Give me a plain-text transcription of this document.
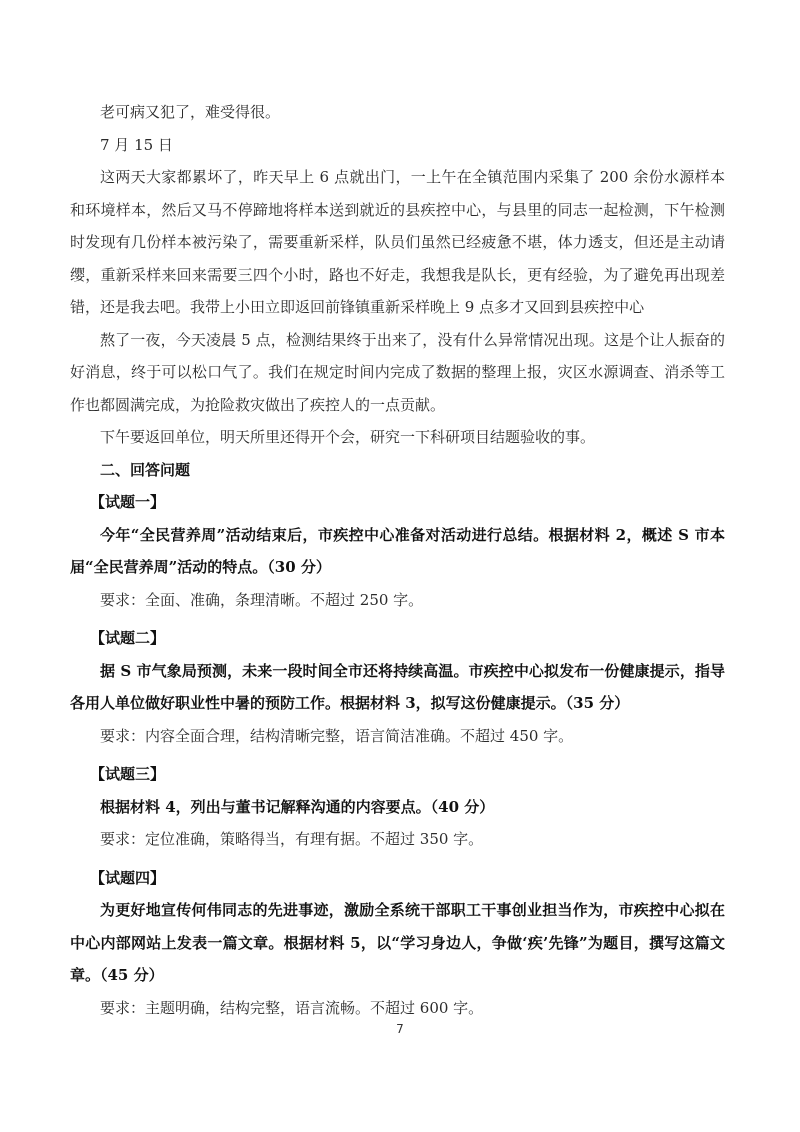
老可病又犯了，难受得很。

7 月 15 日

这两天大家都累坏了，昨天早上 6 点就出门，一上午在全镇范围内采集了 200 余份水源样本和环境样本，然后又马不停蹄地将样本送到就近的县疾控中心，与县里的同志一起检测，下午检测时发现有几份样本被污染了，需要重新采样，队员们虽然已经疲惫不堪，体力透支，但还是主动请缨，重新采样来回来需要三四个小时，路也不好走，我想我是队长，更有经验，为了避免再出现差错，还是我去吧。我带上小田立即返回前锋镇重新采样晚上 9 点多才又回到县疾控中心

熬了一夜，今天凌晨 5 点，检测结果终于出来了，没有什么异常情况出现。这是个让人振奋的好消息，终于可以松口气了。我们在规定时间内完成了数据的整理上报，灾区水源调查、消杀等工作也都圆满完成，为抢险救灾做出了疾控人的一点贡献。

下午要返回单位，明天所里还得开个会，研究一下科研项目结题验收的事。

二、回答问题

【试题一】

今年“全民营养周”活动结束后，市疾控中心准备对活动进行总结。根据材料 2，概述 S 市本届“全民营养周”活动的特点。（30 分）

要求：全面、准确，条理清晰。不超过 250 字。

【试题二】

据 S 市气象局预测，未来一段时间全市还将持续高温。市疾控中心拟发布一份健康提示，指导各用人单位做好职业性中暑的预防工作。根据材料 3，拟写这份健康提示。（35 分）

要求：内容全面合理，结构清晰完整，语言简洁准确。不超过 450 字。

【试题三】

根据材料 4，列出与董书记解释沟通的内容要点。（40 分）

要求：定位准确，策略得当，有理有据。不超过 350 字。

【试题四】

为更好地宣传何伟同志的先进事迹，激励全系统干部职工干事创业担当作为，市疾控中心拟在中心内部网站上发表一篇文章。根据材料 5，以“学习身边人，争做‘疾’先锋”为题目，撰写这篇文章。（45 分）

要求：主题明确，结构完整，语言流畅。不超过 600 字。

7
